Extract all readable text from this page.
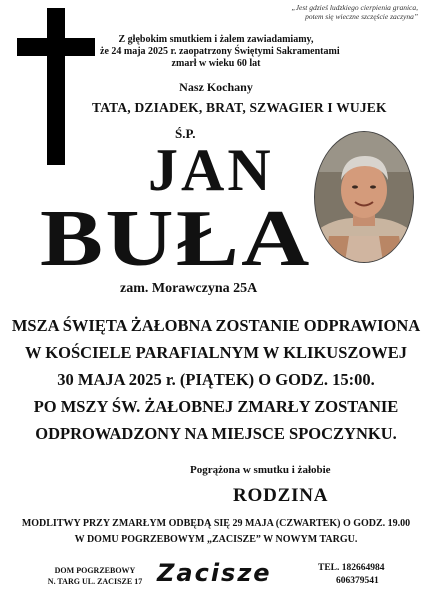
„Jest gdzieś ludzkiego cierpienia granica,
potem się wieczne szczęście zaczyna”
Z głębokim smutkiem i żalem zawiadamiamy,
że 24 maja 2025 r. zaopatrzony Świętymi Sakramentami
zmarł w wieku 60 lat
Nasz Kochany
TATA, DZIADEK, BRAT, SZWAGIER I WUJEK
Ś.P.
JAN
BUŁA
zam. Morawczyna 25A
MSZA ŚWIĘTA ŻAŁOBNA ZOSTANIE ODPRAWIONA
W KOŚCIELE PARAFIALNYM W KLIKUSZOWEJ
30 MAJA 2025 r. (PIĄTEK) O GODZ. 15:00.
PO MSZY ŚW. ŻAŁOBNEJ ZMARŁY ZOSTANIE
ODPROWADZONY NA MIEJSCE SPOCZYNKU.
Pogrążona w smutku i żałobie
RODZINA
MODLITWY PRZY ZMARŁYM ODBĘDĄ SIĘ 29 MAJA (CZWARTEK) O GODZ. 19.00
W DOMU POGRZEBOWYM „ZACISZE” W NOWYM TARGU.
DOM POGRZEBOWY
N. TARG UL. ZACISZE 17 Zacisze	TEL. 182664984
606379541
